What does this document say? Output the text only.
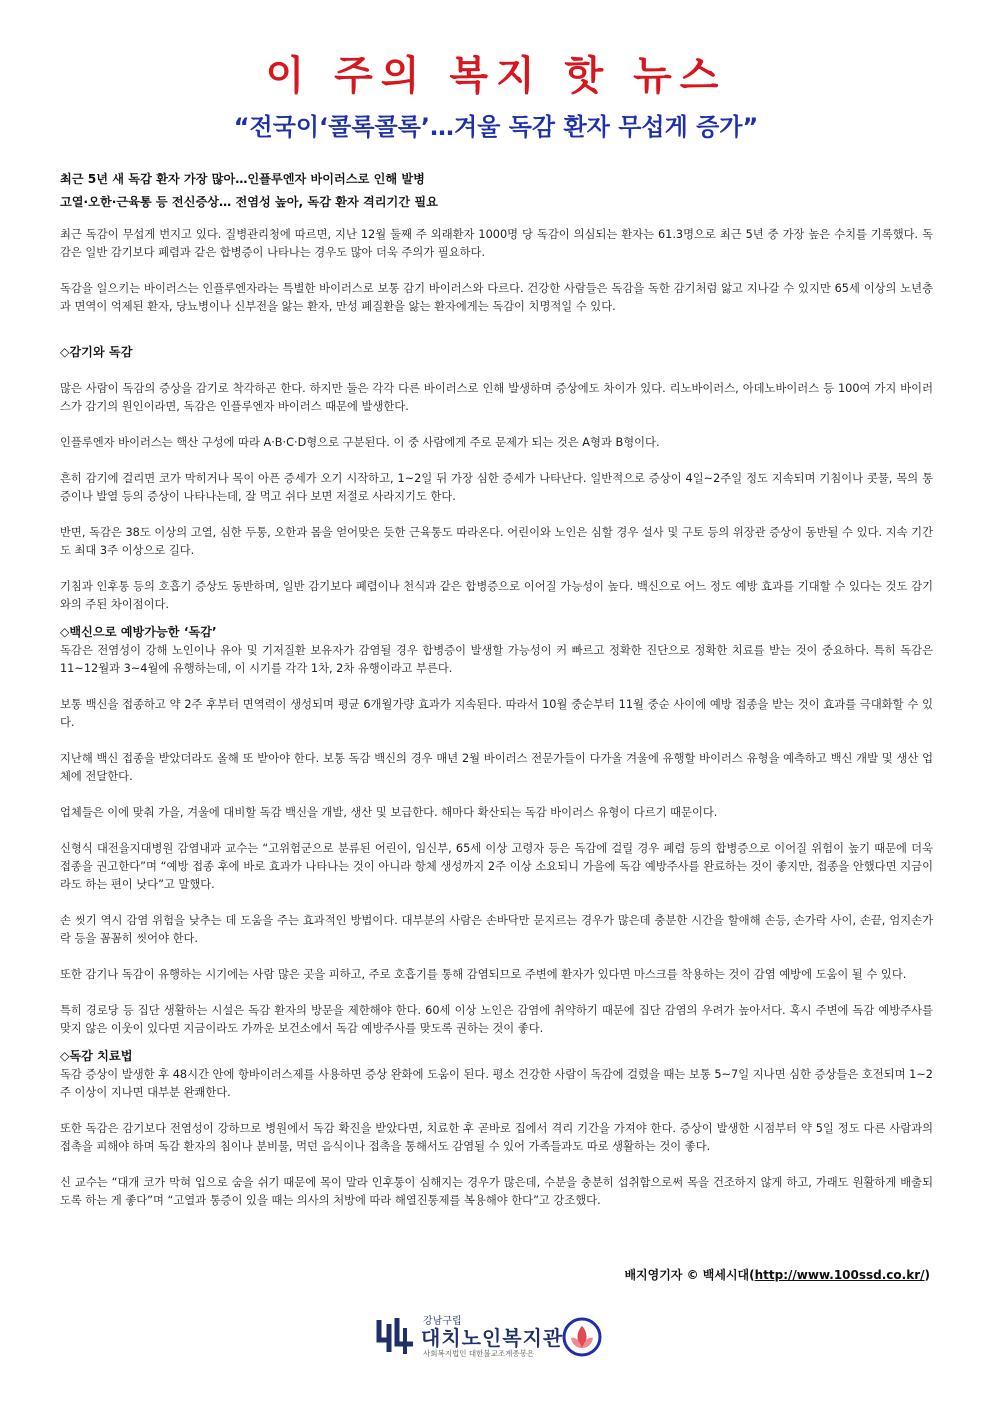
이 주의 복지 핫 뉴스
“전국이‘콜록콜록’…겨울 독감 환자 무섭게 증가”
최근 5년 새 독감 환자 가장 많아…인플루엔자 바이러스로 인해 발병
고열·오한·근육통 등 전신증상… 전염성 높아, 독감 환자 격리기간 필요

최근 독감이 무섭게 번지고 있다. 질병관리청에 따르면, 지난 12월 둘째 주 외래환자 1000명 당 독감이 의심되는 환자는 61.3명으로 최근 5년 중 가장 높은 수치를 기록했다. 독감은 일반 감기보다 폐렴과 같은 합병증이 나타나는 경우도 많아 더욱 주의가 필요하다.

독감을 일으키는 바이러스는 인플루엔자라는 특별한 바이러스로 보통 감기 바이러스와 다르다. 건강한 사람들은 독감을 독한 감기처럼 앓고 지나갈 수 있지만 65세 이상의 노년층과 면역이 억제된 환자, 당뇨병이나 신부전을 앓는 환자, 만성 폐질환을 앓는 환자에게는 독감이 치명적일 수 있다.

◇감기와 독감

많은 사람이 독감의 증상을 감기로 착각하곤 한다. 하지만 둘은 각각 다른 바이러스로 인해 발생하며 증상에도 차이가 있다. 리노바이러스, 아데노바이러스 등 100여 가지 바이러스가 감기의 원인이라면, 독감은 인플루엔자 바이러스 때문에 발생한다.

인플루엔자 바이러스는 핵산 구성에 따라 A·B·C·D형으로 구분된다. 이 중 사람에게 주로 문제가 되는 것은 A형과 B형이다.

흔히 감기에 걸리면 코가 막히거나 목이 아픈 증세가 오기 시작하고, 1~2일 뒤 가장 심한 증세가 나타난다. 일반적으로 증상이 4일~2주일 정도 지속되며 기침이나 콧물, 목의 통증이나 발열 등의 증상이 나타나는데, 잘 먹고 쉬다 보면 저절로 사라지기도 한다.

반면, 독감은 38도 이상의 고열, 심한 두통, 오한과 몸을 얻어맞은 듯한 근육통도 따라온다. 어린이와 노인은 심할 경우 설사 및 구토 등의 위장관 증상이 동반될 수 있다. 지속 기간도 최대 3주 이상으로 길다.

기침과 인후통 등의 호흡기 증상도 동반하며, 일반 감기보다 폐렴이나 천식과 같은 합병증으로 이어질 가능성이 높다. 백신으로 어느 정도 예방 효과를 기대할 수 있다는 것도 감기와의 주된 차이점이다.

◇백신으로 예방가능한 ‘독감’

독감은 전염성이 강해 노인이나 유아 및 기저질환 보유자가 감염될 경우 합병증이 발생할 가능성이 커 빠르고 정확한 진단으로 정확한 치료를 받는 것이 중요하다. 특히 독감은 11~12월과 3~4월에 유행하는데, 이 시기를 각각 1차, 2차 유행이라고 부른다.

보통 백신을 접종하고 약 2주 후부터 면역력이 생성되며 평균 6개월가량 효과가 지속된다. 따라서 10월 중순부터 11월 중순 사이에 예방 접종을 받는 것이 효과를 극대화할 수 있다.

지난해 백신 접종을 받았더라도 올해 또 받아야 한다. 보통 독감 백신의 경우 매년 2월 바이러스 전문가들이 다가올 겨울에 유행할 바이러스 유형을 예측하고 백신 개발 및 생산 업체에 전달한다.

업체들은 이에 맞춰 가을, 겨울에 대비할 독감 백신을 개발, 생산 및 보급한다. 해마다 확산되는 독감 바이러스 유형이 다르기 때문이다.

신형식 대전을지대병원 감염내과 교수는 “고위험군으로 분류된 어린이, 임신부, 65세 이상 고령자 등은 독감에 걸릴 경우 폐렴 등의 합병증으로 이어질 위험이 높기 때문에 더욱 접종을 권고한다”며 “예방 접종 후에 바로 효과가 나타나는 것이 아니라 항체 생성까지 2주 이상 소요되니 가을에 독감 예방주사를 완료하는 것이 좋지만, 접종을 안했다면 지금이라도 하는 편이 낫다”고 말했다.

손 씻기 역시 감염 위험을 낮추는 데 도움을 주는 효과적인 방법이다. 대부분의 사람은 손바닥만 문지르는 경우가 많은데 충분한 시간을 할애해 손등, 손가락 사이, 손끝, 엄지손가락 등을 꼼꼼히 씻어야 한다.

또한 감기나 독감이 유행하는 시기에는 사람 많은 곳을 피하고, 주로 호흡기를 통해 감염되므로 주변에 환자가 있다면 마스크를 착용하는 것이 감염 예방에 도움이 될 수 있다.

특히 경로당 등 집단 생활하는 시설은 독감 환자의 방문을 제한해야 한다. 60세 이상 노인은 감염에 취약하기 때문에 집단 감염의 우려가 높아서다. 혹시 주변에 독감 예방주사를 맞지 않은 이웃이 있다면 지금이라도 가까운 보건소에서 독감 예방주사를 맞도록 권하는 것이 좋다.

◇독감 치료법

독감 증상이 발생한 후 48시간 안에 항바이러스제를 사용하면 증상 완화에 도움이 된다. 평소 건강한 사람이 독감에 걸렸을 때는 보통 5~7일 지나면 심한 증상들은 호전되며 1~2주 이상이 지나면 대부분 완쾌한다.

또한 독감은 감기보다 전염성이 강하므로 병원에서 독감 확진을 받았다면, 치료한 후 곧바로 집에서 격리 기간을 가져야 한다. 증상이 발생한 시점부터 약 5일 정도 다른 사람과의 접촉을 피해야 하며 독감 환자의 침이나 분비물, 먹던 음식이나 접촉을 통해서도 감염될 수 있어 가족들과도 따로 생활하는 것이 좋다.

신 교수는 “대개 코가 막혀 입으로 숨을 쉬기 때문에 목이 말라 인후통이 심해지는 경우가 많은데, 수분을 충분히 섭취함으로써 목을 건조하지 않게 하고, 가래도 원활하게 배출되도록 하는 게 좋다”며 “고열과 통증이 있을 때는 의사의 처방에 따라 해열진통제를 복용해야 한다”고 강조했다.

배지영기자 © 백세시대(http://www.100ssd.co.kr/)
강남구립
대치노인복지관
사회복지법인 대한불교조계종봉은
